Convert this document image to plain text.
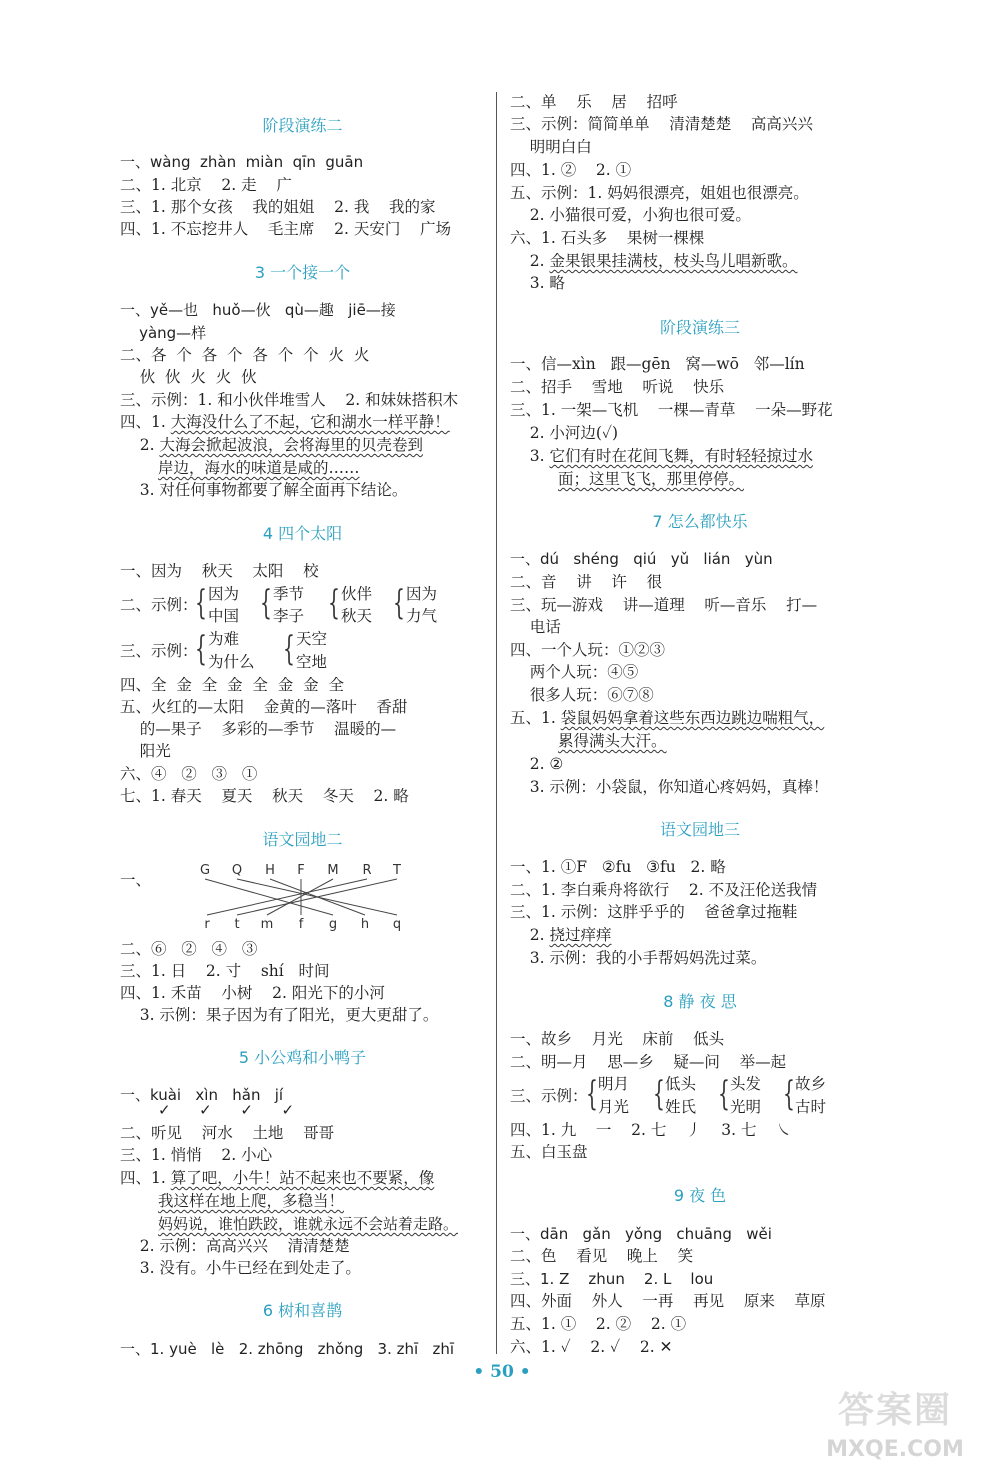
阶段演练二
一、wàng  zhàn  miàn  qīn  guān
二、1. 北京    2. 走    广
三、1. 那个女孩    我的姐姐    2. 我    我的家
四、1. 不忘挖井人    毛主席    2. 天安门    广场
3 一个接一个
一、yě—也   huǒ—伙   qù—趣   jiē—接
yàng—样
二、各  个  各  个  各  个  个  火  火
伙  伙  火  火  伙
三、示例：1. 和小伙伴堆雪人    2. 和妹妹搭积木
四、1. 大海没什么了不起，它和湖水一样平静！
2. 大海会掀起波浪，会将海里的贝壳卷到
岸边，海水的味道是咸的……
3. 对任何事物都要了解全面再下结论。
4 四个太阳
一、因为    秋天    太阳    校
二、示例：
{ 因为
中国 { 季节
李子 { 伙伴
秋天 { 因为
力气
三、示例：
{ 为难
为什么 { 天空
空地
四、全  金  全  金  全  金  金  全
五、火红的—太阳    金黄的—落叶    香甜
的—果子    多彩的—季节    温暖的—
阳光
六、④   ②   ③   ①
七、1. 春天    夏天    秋天    冬天    2. 略
语文园地二
一、
二、⑥   ②   ④   ③
三、1. 日    2. 寸    shí   时间
四、1. 禾苗    小树    2. 阳光下的小河
3. 示例：果子因为有了阳光，更大更甜了。
5 小公鸡和小鸭子
一、kuài   xìn   hǎn   jí
✓      ✓      ✓      ✓
二、听见    河水    土地    哥哥
三、1. 悄悄    2. 小心
四、1. 算了吧，小牛！站不起来也不要紧，像
我这样在地上爬，多稳当！
妈妈说，谁怕跌跤，谁就永远不会站着走路。
2. 示例：高高兴兴    清清楚楚
3. 没有。小牛已经在到处走了。
6 树和喜鹊
一、1. yuè   lè   2. zhōng   zhǒng   3. zhī   zhī
G Q H F M R T
r t m f g h q
二、单    乐    居    招呼
三、示例：简简单单    清清楚楚    高高兴兴
明明白白
四、1. ②    2. ①
五、示例：1. 妈妈很漂亮，姐姐也很漂亮。
2. 小猫很可爱，小狗也很可爱。
六、1. 石头多    果树一棵棵
2. 金果银果挂满枝，枝头鸟儿唱新歌。
3. 略
阶段演练三
一、信—xìn   跟—gēn   窝—wō   邻—lín
二、招手    雪地    听说    快乐
三、1. 一架—飞机    一棵—青草    一朵—野花
2. 小河边(✓)
3. 它们有时在花间飞舞，有时轻轻掠过水
面；这里飞飞，那里停停。
7 怎么都快乐
一、dú   shéng   qiú   yǔ   lián   yùn
二、音    讲    许    很
三、玩—游戏    讲—道理    听—音乐    打—
电话
四、一个人玩：①②③
两个人玩：④⑤
很多人玩：⑥⑦⑧
五、1. 袋鼠妈妈拿着这些东西边跳边喘粗气，
累得满头大汗。
2. ②
3. 示例：小袋鼠，你知道心疼妈妈，真棒！
语文园地三
一、1. ①F   ②fu   ③fu   2. 略
二、1. 李白乘舟将欲行    2. 不及汪伦送我情
三、1. 示例：这胖乎乎的    爸爸拿过拖鞋
2. 挠过痒痒
3. 示例：我的小手帮妈妈洗过菜。
8 静 夜 思
一、故乡    月光    床前    低头
二、明—月    思—乡    疑—问    举—起
三、示例：
{ 明月
月光 { 低头
姓氏 { 头发
光明 { 故乡
古时
四、1. 九    一    2. 七    丿    3. 七    ㇏
五、白玉盘
9 夜 色
一、dān   gǎn   yǒng   chuāng   wěi
二、色    看见    晚上    笑
三、1. Z    zhun    2. L    lou
四、外面    外人    一再    再见    原来    草原
五、1. ①    2. ②    2. ①
六、1. ✓    2. ✓    2. ✕
• 50 •
答案圈
MXQE.COM
